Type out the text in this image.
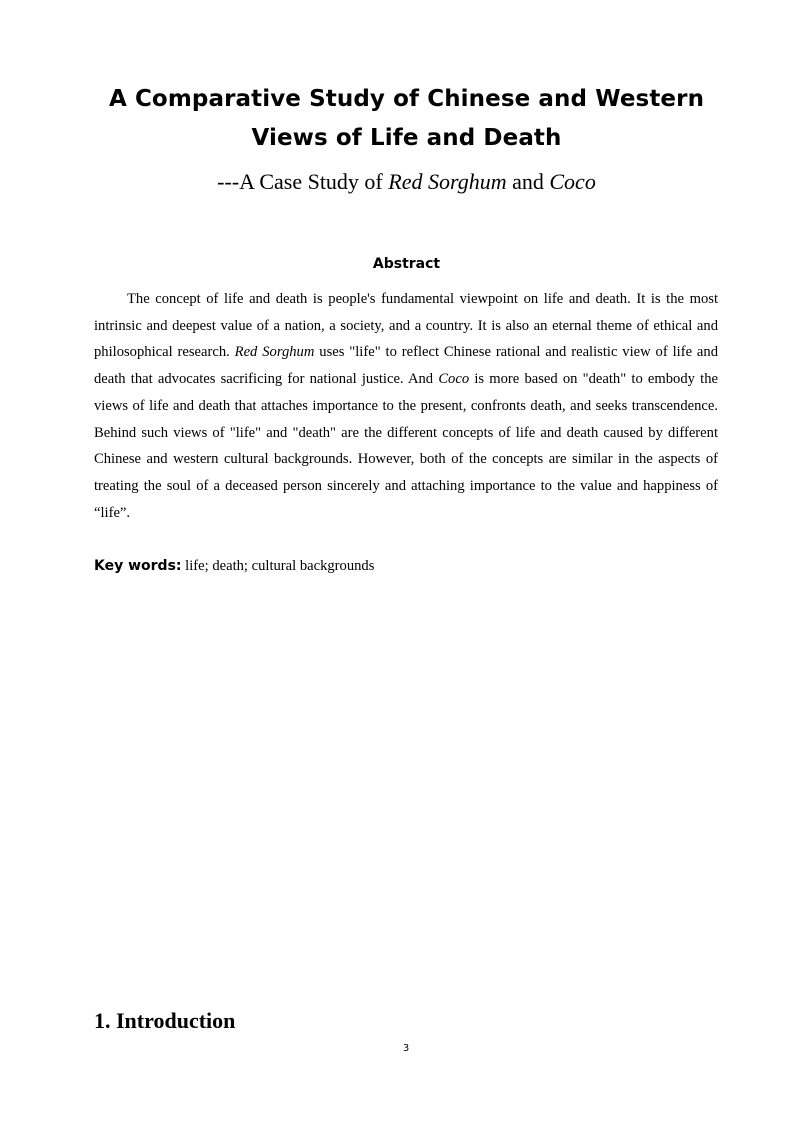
A Comparative Study of Chinese and Western
Views of Life and Death

---A Case Study of Red Sorghum and Coco

Abstract

The concept of life and death is people's fundamental viewpoint on life and death. It is the most intrinsic and deepest value of a nation, a society, and a country. It is also an eternal theme of ethical and philosophical research. Red Sorghum uses "life" to reflect Chinese rational and realistic view of life and death that advocates sacrificing for national justice. And Coco is more based on "death" to embody the views of life and death that attaches importance to the present, confronts death, and seeks transcendence. Behind such views of "life" and "death" are the different concepts of life and death caused by different Chinese and western cultural backgrounds. However, both of the concepts are similar in the aspects of treating the soul of a deceased person sincerely and attaching importance to the value and happiness of “life”.

Key words: life; death; cultural backgrounds

1. Introduction
3
